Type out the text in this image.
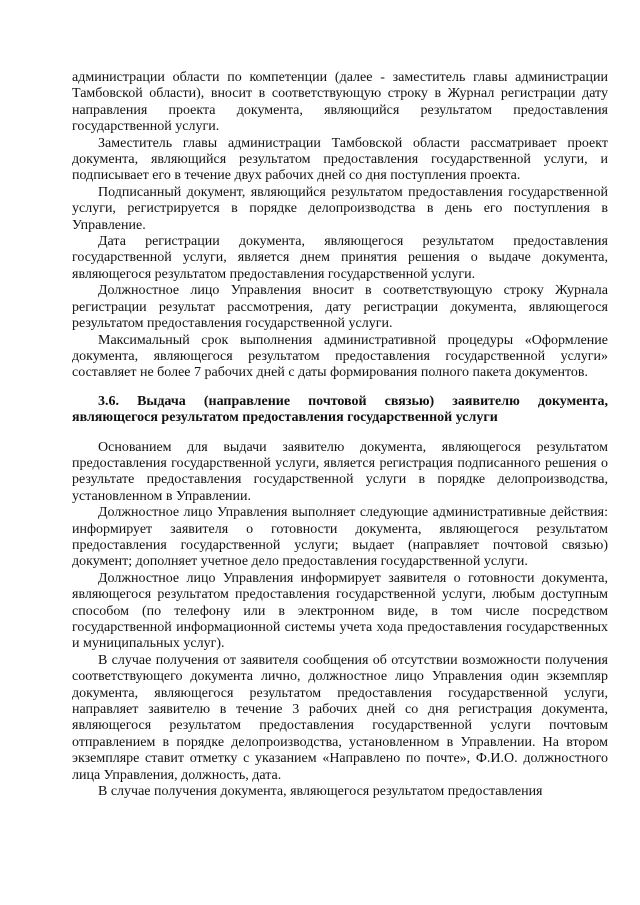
администрации области по компетенции (далее - заместитель главы администрации Тамбовской области), вносит в соответствующую строку в Журнал регистрации дату направления проекта документа, являющийся результатом предоставления государственной услуги.

Заместитель главы администрации Тамбовской области рассматривает проект документа, являющийся результатом предоставления государственной услуги, и подписывает его в течение двух рабочих дней со дня поступления проекта.

Подписанный документ, являющийся результатом предоставления государственной услуги, регистрируется в порядке делопроизводства в день его поступления в Управление.

Дата регистрации документа, являющегося результатом предоставления государственной услуги, является днем принятия решения о выдаче документа, являющегося результатом предоставления государственной услуги.

Должностное лицо Управления вносит в соответствующую строку Журнала регистрации результат рассмотрения, дату регистрации документа, являющегося результатом предоставления государственной услуги.

Максимальный срок выполнения административной процедуры «Оформление документа, являющегося результатом предоставления государственной услуги» составляет не более 7 рабочих дней с даты формирования полного пакета документов.

3.6. Выдача (направление почтовой связью) заявителю документа, являющегося результатом предоставления государственной услуги

Основанием для выдачи заявителю документа, являющегося результатом предоставления государственной услуги, является регистрация подписанного решения о результате предоставления государственной услуги в порядке делопроизводства, установленном в Управлении.

Должностное лицо Управления выполняет следующие административные действия: информирует заявителя о готовности документа, являющегося результатом предоставления государственной услуги; выдает (направляет почтовой связью) документ; дополняет учетное дело предоставления государственной услуги.

Должностное лицо Управления информирует заявителя о готовности документа, являющегося результатом предоставления государственной услуги, любым доступным способом (по телефону или в электронном виде, в том числе посредством государственной информационной системы учета хода предоставления государственных и муниципальных услуг).

В случае получения от заявителя сообщения об отсутствии возможности получения соответствующего документа лично, должностное лицо Управления один экземпляр документа, являющегося результатом предоставления государственной услуги, направляет заявителю в течение 3 рабочих дней со дня регистрация документа, являющегося результатом предоставления государственной услуги почтовым отправлением в порядке делопроизводства, установленном в Управлении. На втором экземпляре ставит отметку с указанием «Направлено по почте», Ф.И.О. должностного лица Управления, должность, дата.

В случае получения документа, являющегося результатом предоставления
